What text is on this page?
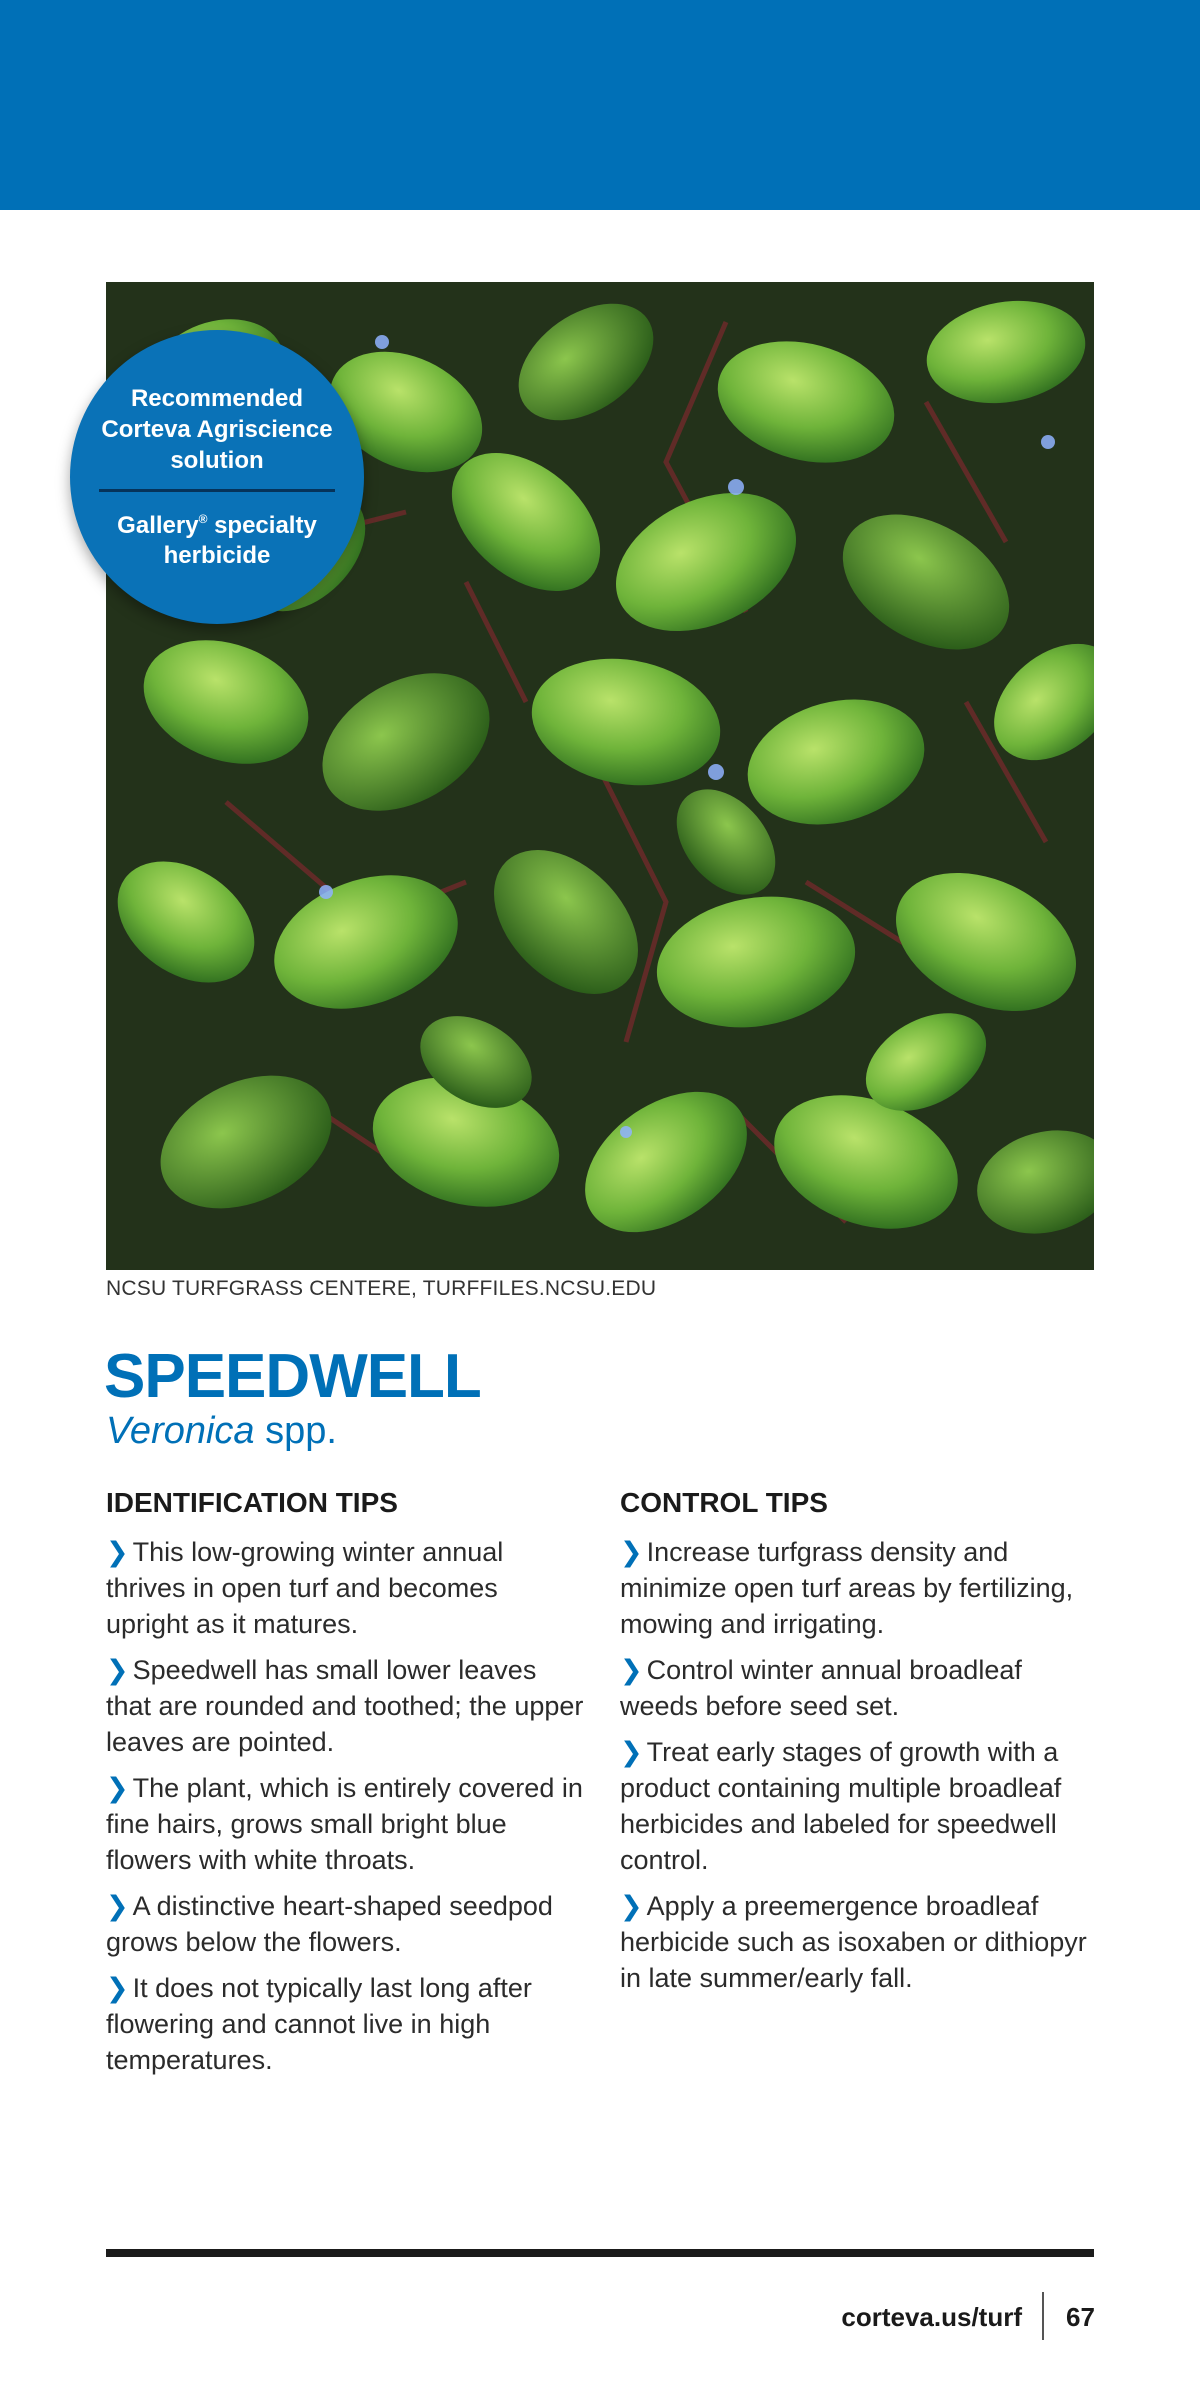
Recommended Corteva Agriscience solution
Gallery® specialty herbicide
NCSU TURFGRASS CENTERE, TURFFILES.NCSU.EDU
SPEEDWELL
Veronica spp.
IDENTIFICATION TIPS
❯ This low-growing winter annual thrives in open turf and becomes upright as it matures.
❯ Speedwell has small lower leaves that are rounded and toothed; the upper leaves are pointed.
❯ The plant, which is entirely covered in fine hairs, grows small bright blue flowers with white throats.
❯ A distinctive heart-shaped seedpod grows below the flowers.
❯ It does not typically last long after flowering and cannot live in high temperatures.
CONTROL TIPS
❯ Increase turfgrass density and minimize open turf areas by fertilizing, mowing and irrigating.
❯ Control winter annual broadleaf weeds before seed set.
❯ Treat early stages of growth with a product containing multiple broadleaf herbicides and labeled for speedwell control.
❯ Apply a preemergence broadleaf herbicide such as isoxaben or dithiopyr in late summer/early fall.
corteva.us/turf 67
